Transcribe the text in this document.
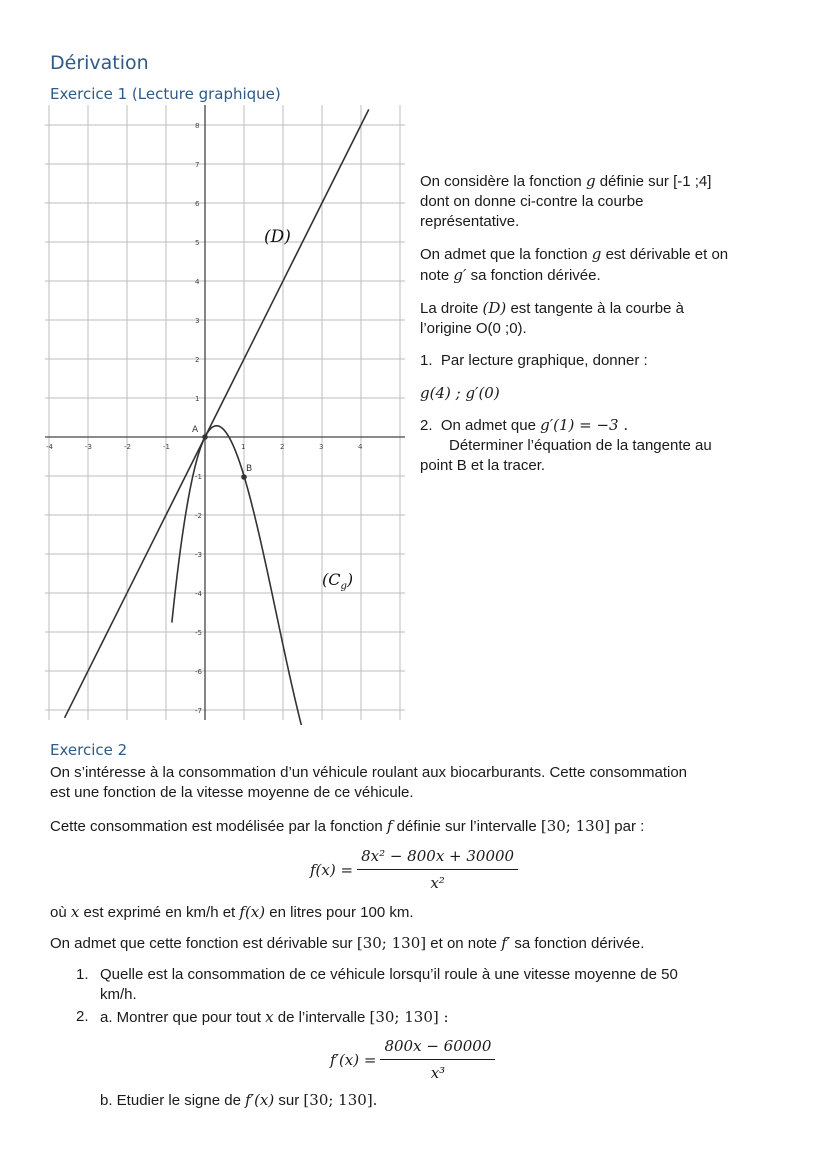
Dérivation
Exercice 1 (Lecture graphique)
-4	-3	-2	-1	1	2	3	4
8
7
6
5
4
3
2
1
-1
-2
-3
-4
-5
-6
-7
A
B
(D)
$(C_g)$
On considère la fonction g définie sur [-1 ;4]
dont on donne ci-contre la courbe
représentative.
On admet que la fonction g est dérivable et on
note g′ sa fonction dérivée.
La droite (D) est tangente à la courbe à
l’origine O(0 ;0).
1. Par lecture graphique, donner :
g(4) ; g′(0)
2. On admet que g′(1) = −3 .
Déterminer l’équation de la tangente au
point B et la tracer.
Exercice 2
On s’intéresse à la consommation d’un véhicule roulant aux biocarburants. Cette consommation
est une fonction de la vitesse moyenne de ce véhicule.
Cette consommation est modélisée par la fonction f définie sur l’intervalle [30; 130] par :
$f(x) = \frac{\text{8x² − 800x + 30000}}{\text{x²}}$
où x est exprimé en km/h et f(x) en litres pour 100 km.
On admet que cette fonction est dérivable sur [30; 130] et on note f′ sa fonction dérivée.
1. Quelle est la consommation de ce véhicule lorsqu’il roule à une vitesse moyenne de 50
km/h.
2. a. Montrer que pour tout x de l’intervalle [30; 130] :
$f'(x) = \frac{800x - 60000}{\text{x³}}$
b. Etudier le signe de f′(x) sur [30; 130].
